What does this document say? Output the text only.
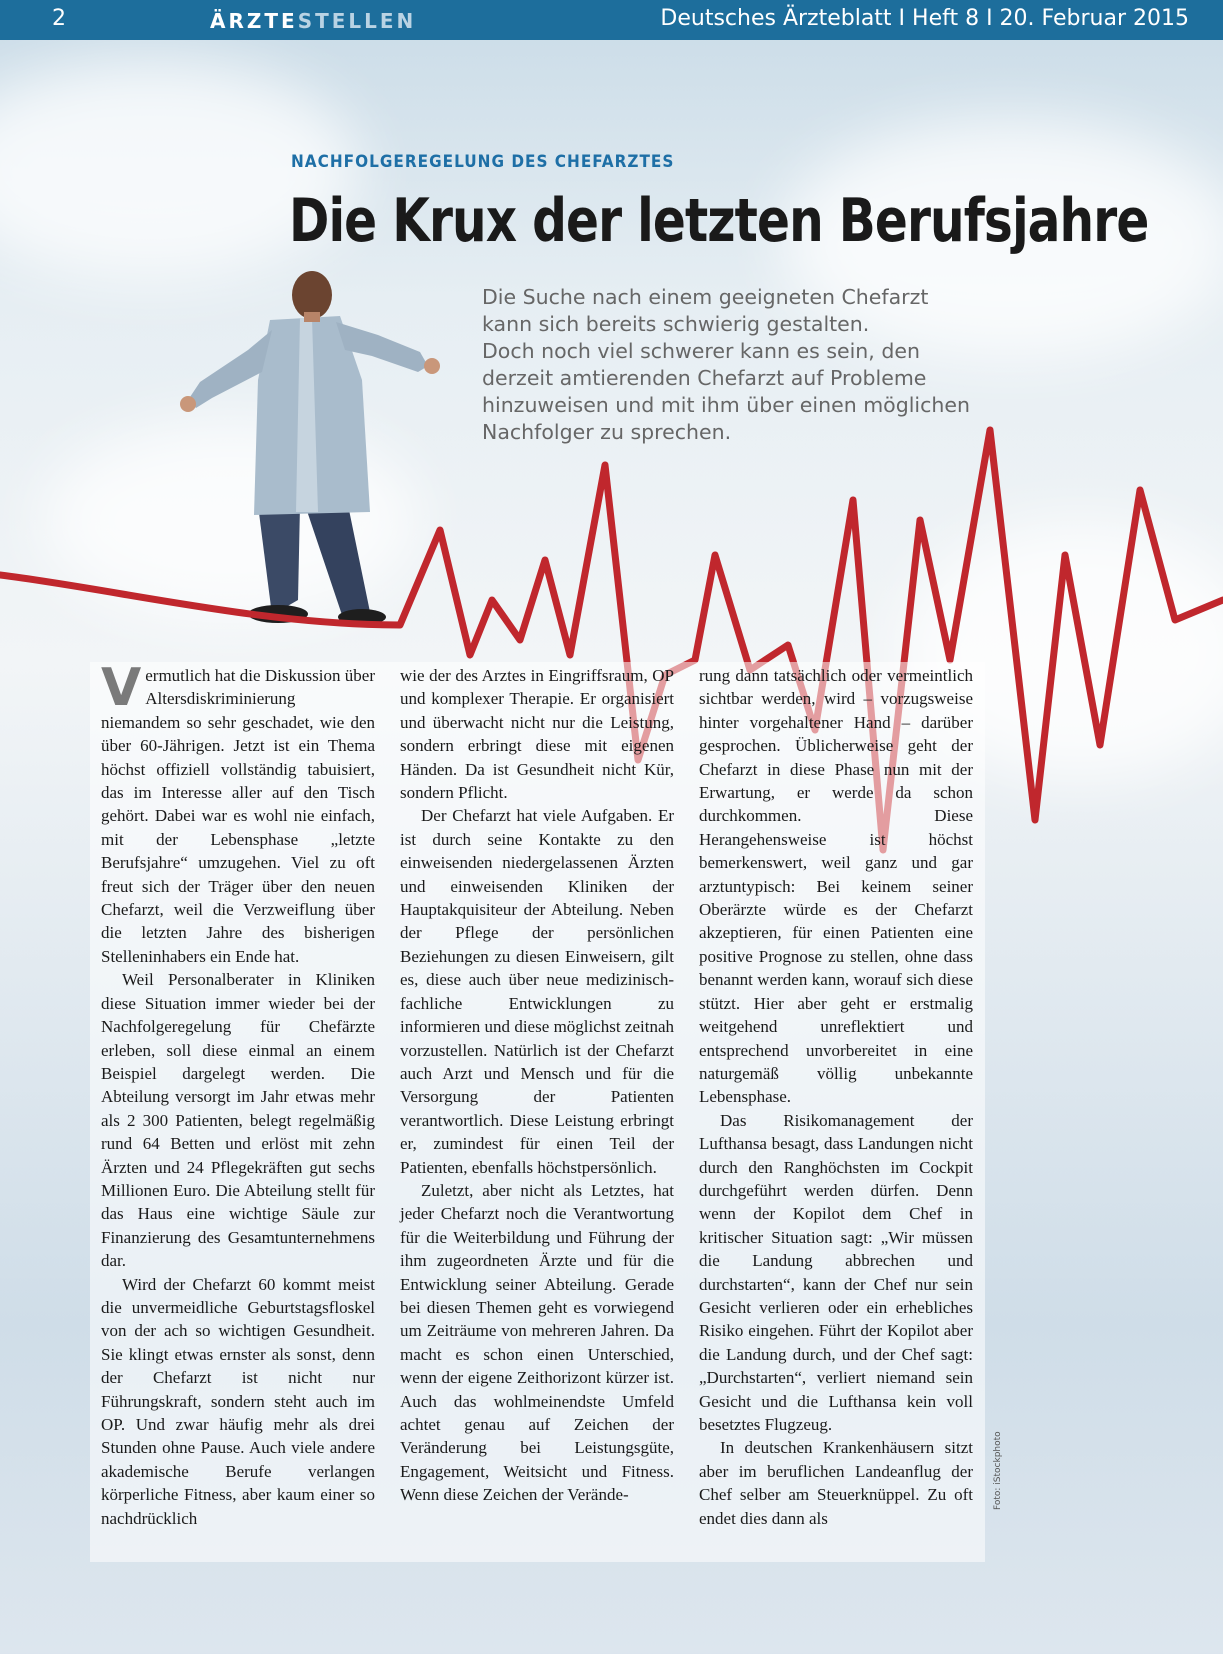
2	ÄRZTESTELLEN	Deutsches Ärzteblatt I Heft 8 I 20. Februar 2015
NACHFOLGEREGELUNG DES CHEFARZTES
Die Krux der letzten Berufsjahre
Die Suche nach einem geeigneten Chefarzt
kann sich bereits schwierig gestalten.
Doch noch viel schwerer kann es sein, den
derzeit amtierenden Chefarzt auf Probleme
hinzuweisen und mit ihm über einen möglichen
Nachfolger zu sprechen.

Vermutlich hat die Diskussion über Altersdiskriminierung niemandem so sehr geschadet, wie den über 60-Jährigen. Jetzt ist ein Thema höchst offiziell vollständig tabuisiert, das im Interesse aller auf den Tisch gehört. Dabei war es wohl nie einfach, mit der Lebensphase „letzte Berufsjahre“ umzugehen. Viel zu oft freut sich der Träger über den neuen Chefarzt, weil die Verzweiflung über die letzten Jahre des bisherigen Stelleninhabers ein Ende hat.

Weil Personalberater in Kliniken diese Situation immer wieder bei der Nachfolgeregelung für Chefärzte erleben, soll diese einmal an einem Beispiel dargelegt werden. Die Abteilung versorgt im Jahr etwas mehr als 2 300 Patienten, belegt regelmäßig rund 64 Betten und erlöst mit zehn Ärzten und 24 Pflegekräften gut sechs Millionen Euro. Die Abteilung stellt für das Haus eine wichtige Säule zur Finanzierung des Gesamtunternehmens dar.

Wird der Chefarzt 60 kommt meist die unvermeidliche Geburtstagsfloskel von der ach so wichtigen Gesundheit. Sie klingt etwas ernster als sonst, denn der Chefarzt ist nicht nur Führungskraft, sondern steht auch im OP. Und zwar häufig mehr als drei Stunden ohne Pause. Auch viele andere akademische Berufe verlangen körperliche Fitness, aber kaum einer so nachdrücklich

wie der des Arztes in Eingriffsraum, OP und komplexer Therapie. Er organisiert und überwacht nicht nur die Leistung, sondern erbringt diese mit eigenen Händen. Da ist Gesundheit nicht Kür, sondern Pflicht.

Der Chefarzt hat viele Aufgaben. Er ist durch seine Kontakte zu den einweisenden niedergelassenen Ärzten und einweisenden Kliniken der Hauptakquisiteur der Abteilung. Neben der Pflege der persönlichen Beziehungen zu diesen Einweisern, gilt es, diese auch über neue medizinisch-fachliche Entwicklungen zu informieren und diese möglichst zeitnah vorzustellen. Natürlich ist der Chefarzt auch Arzt und Mensch und für die Versorgung der Patienten verantwortlich. Diese Leistung erbringt er, zumindest für einen Teil der Patienten, ebenfalls höchstpersönlich.

Zuletzt, aber nicht als Letztes, hat jeder Chefarzt noch die Verantwortung für die Weiterbildung und Führung der ihm zugeordneten Ärzte und für die Entwicklung seiner Abteilung. Gerade bei diesen Themen geht es vorwiegend um Zeiträume von mehreren Jahren. Da macht es schon einen Unterschied, wenn der eigene Zeithorizont kürzer ist. Auch das wohlmeinendste Umfeld achtet genau auf Zeichen der Veränderung bei Leistungsgüte, Engagement, Weitsicht und Fitness. Wenn diese Zeichen der Verände-

rung dann tatsächlich oder vermeintlich sichtbar werden, wird – vorzugsweise hinter vorgehaltener Hand – darüber gesprochen. Üblicherweise geht der Chefarzt in diese Phase nun mit der Erwartung, er werde da schon durchkommen. Diese Herangehensweise ist höchst bemerkenswert, weil ganz und gar arztuntypisch: Bei keinem seiner Oberärzte würde es der Chefarzt akzeptieren, für einen Patienten eine positive Prognose zu stellen, ohne dass benannt werden kann, worauf sich diese stützt. Hier aber geht er erstmalig weitgehend unreflektiert und entsprechend unvorbereitet in eine naturgemäß völlig unbekannte Lebensphase.

Das Risikomanagement der Lufthansa besagt, dass Landungen nicht durch den Ranghöchsten im Cockpit durchgeführt werden dürfen. Denn wenn der Kopilot dem Chef in kritischer Situation sagt: „Wir müssen die Landung abbrechen und durchstarten“, kann der Chef nur sein Gesicht verlieren oder ein erhebliches Risiko eingehen. Führt der Kopilot aber die Landung durch, und der Chef sagt: „Durchstarten“, verliert niemand sein Gesicht und die Lufthansa kein voll besetztes Flugzeug.

In deutschen Krankenhäusern sitzt aber im beruflichen Landeanflug der Chef selber am Steuerknüppel. Zu oft endet dies dann als

Foto: iStockphoto
